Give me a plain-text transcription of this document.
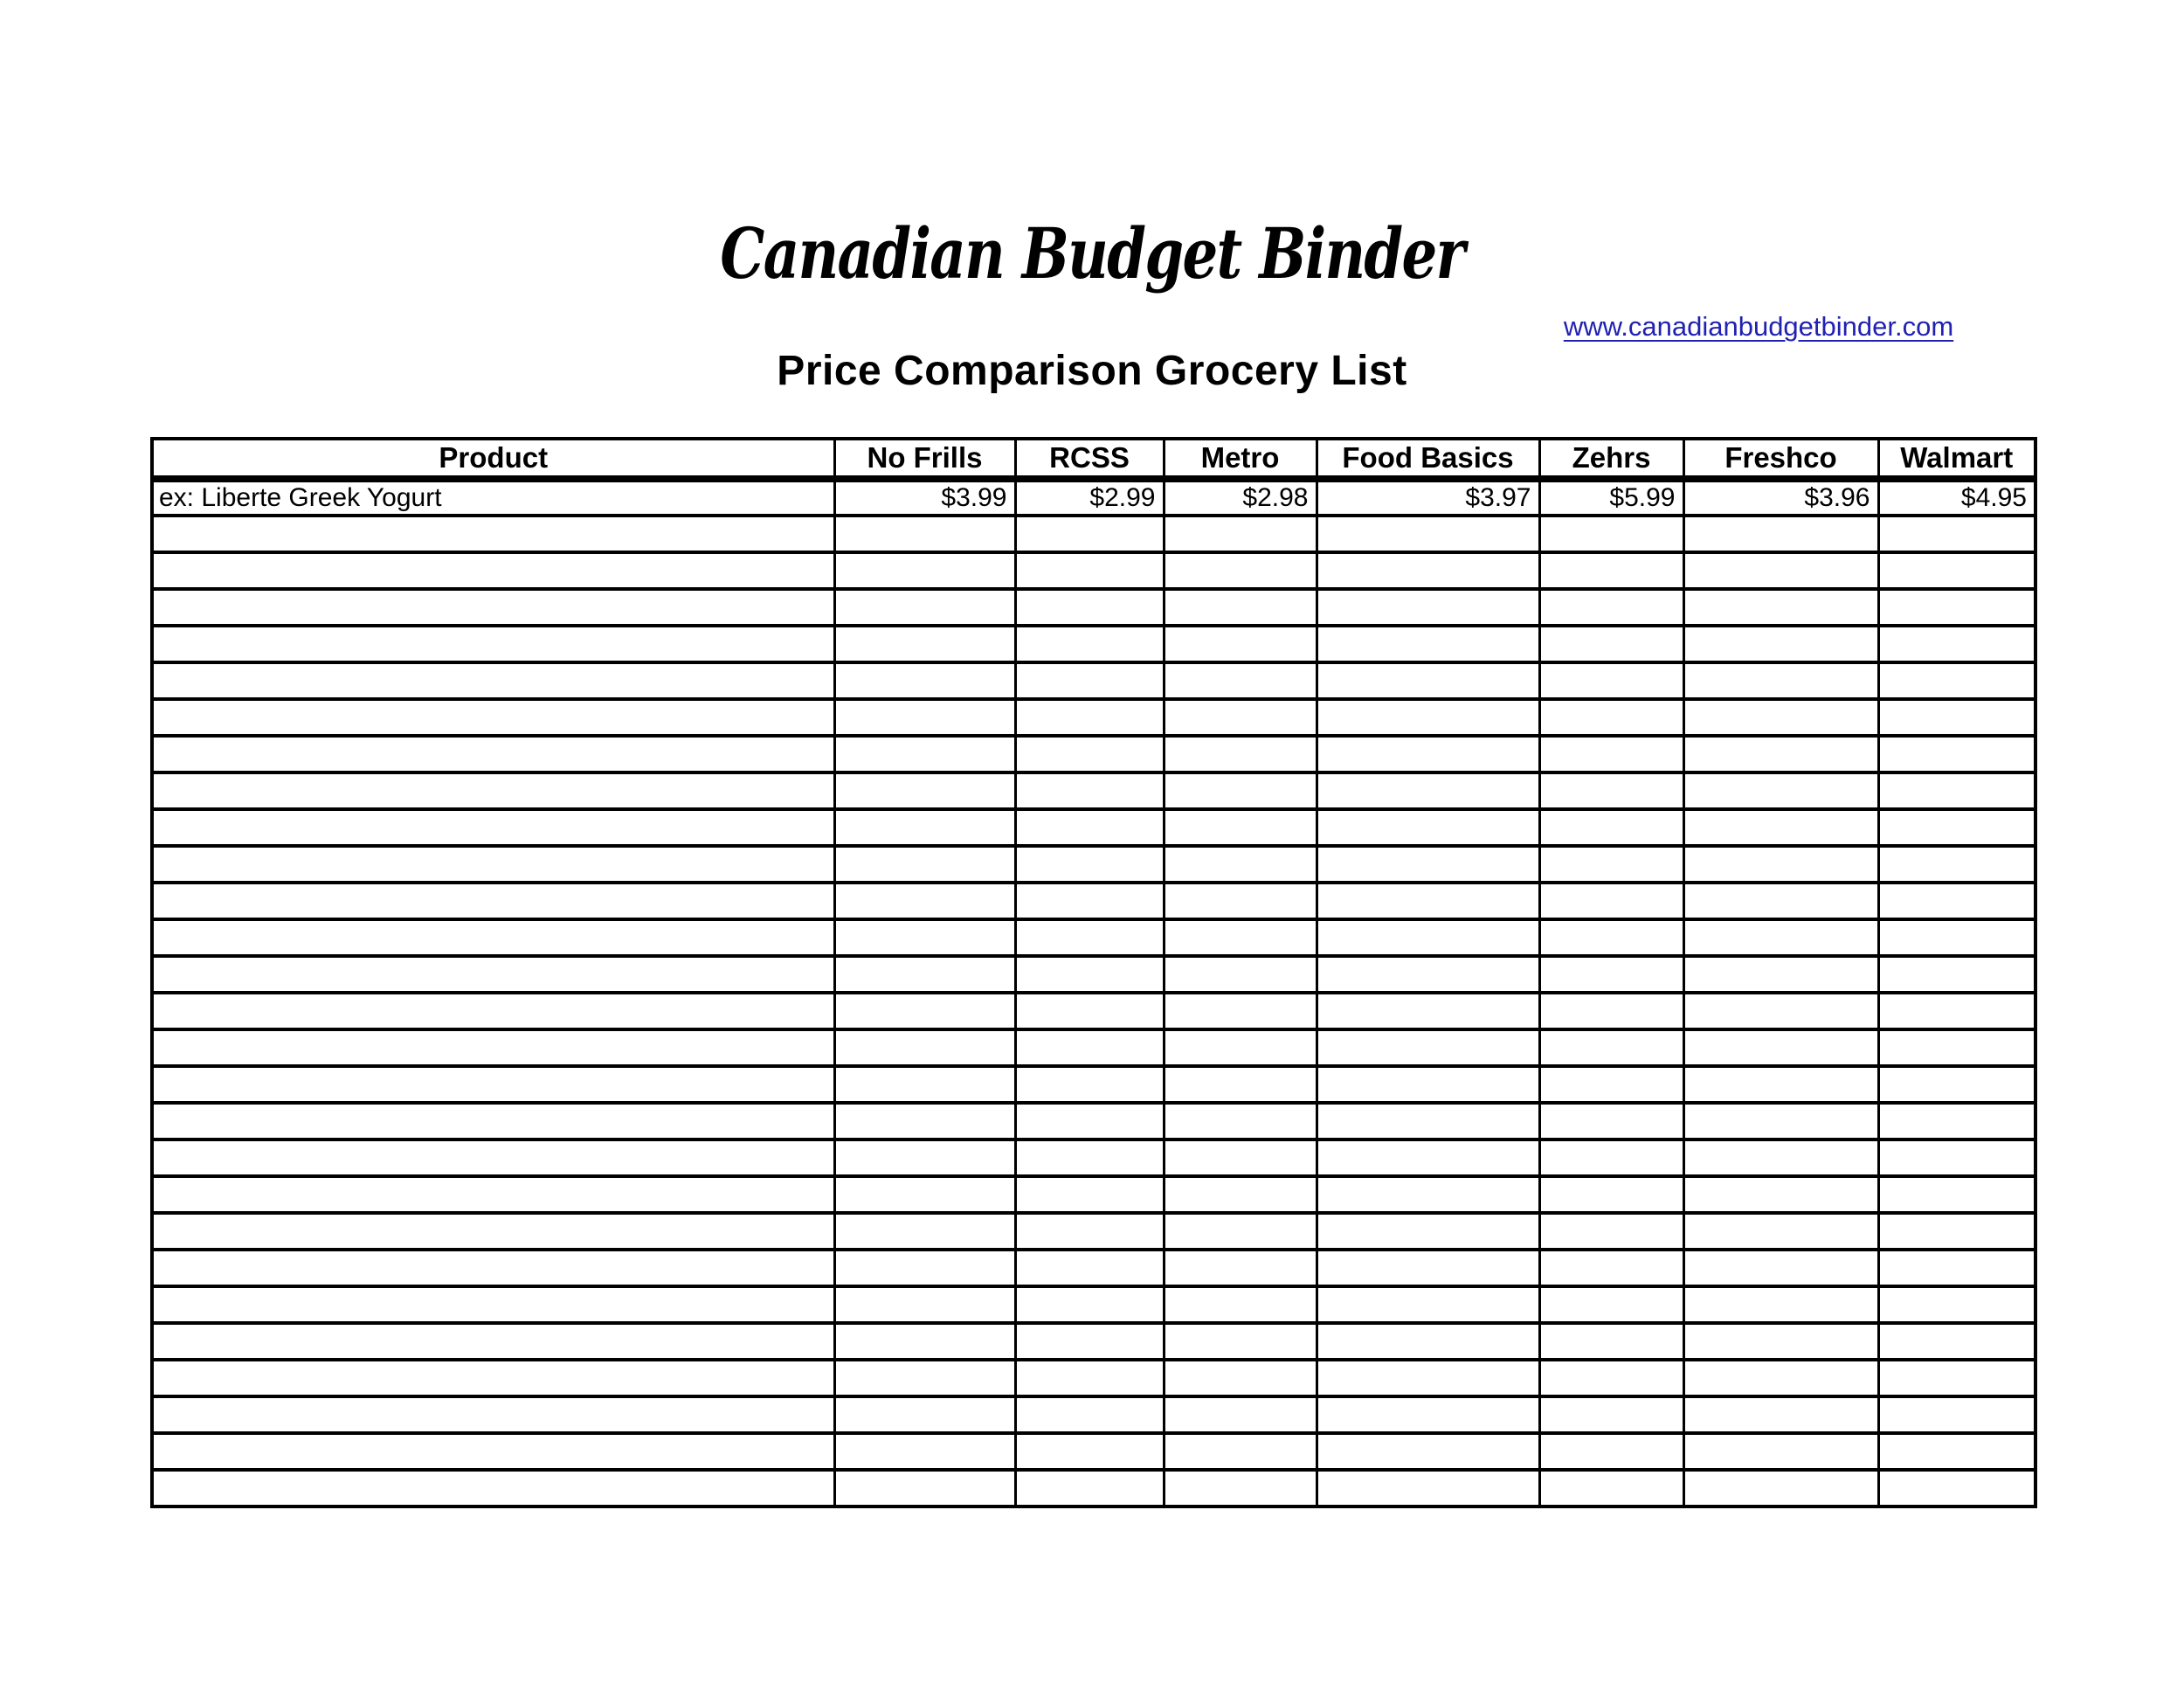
Canadian Budget Binder
www.canadianbudgetbinder.com
Price Comparison Grocery List
Product	No Frills	RCSS	Metro	Food Basics	Zehrs	Freshco	Walmart
ex: Liberte Greek Yogurt	$3.99	$2.99	$2.98	$3.97	$5.99	$3.96	$4.95
